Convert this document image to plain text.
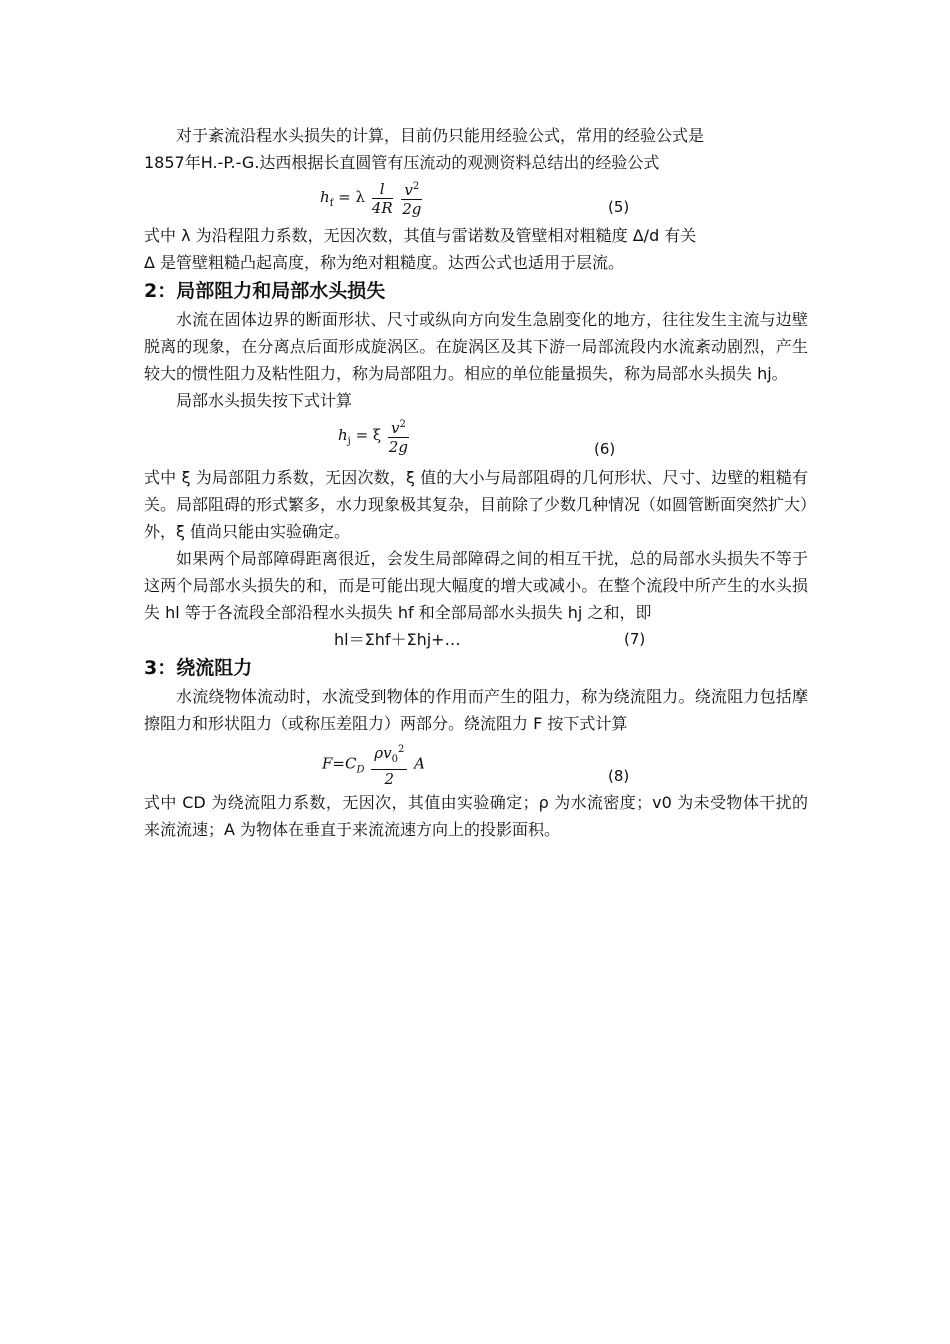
对于紊流沿程水头损失的计算，目前仍只能用经验公式，常用的经验公式是

1857年H.-P.-G.达西根据长直圆管有压流动的观测资料总结出的经验公式

$h_f = \lambda \frac{l}{4R}$
$\frac{v^2}{2g}$	(5)

式中 λ 为沿程阻力系数，无因次数，其值与雷诺数及管壁相对粗糙度 Δ/d 有关

Δ 是管壁粗糙凸起高度，称为绝对粗糙度。达西公式也适用于层流。

2：局部阻力和局部水头损失

水流在固体边界的断面形状、尺寸或纵向方向发生急剧变化的地方，往往发生主流与边壁脱离的现象，在分离点后面形成旋涡区。在旋涡区及其下游一局部流段内水流紊动剧烈，产生较大的惯性阻力及粘性阻力，称为局部阻力。相应的单位能量损失，称为局部水头损失 hj。

局部水头损失按下式计算

$h_j = \xi \frac{v^2}{2g}$	(6)

式中 ξ 为局部阻力系数，无因次数，ξ 值的大小与局部阻碍的几何形状、尺寸、边壁的粗糙有关。局部阻碍的形式繁多，水力现象极其复杂，目前除了少数几种情况（如圆管断面突然扩大）外，ξ 值尚只能由实验确定。

如果两个局部障碍距离很近，会发生局部障碍之间的相互干扰，总的局部水头损失不等于这两个局部水头损失的和，而是可能出现大幅度的增大或减小。在整个流段中所产生的水头损失 hl 等于各流段全部沿程水头损失 hf 和全部局部水头损失 hj 之和，即

hl＝Σhf＋Σhj+…	(7)
3：绕流阻力

水流绕物体流动时，水流受到物体的作用而产生的阻力，称为绕流阻力。绕流阻力包括摩擦阻力和形状阻力（或称压差阻力）两部分。绕流阻力 F 按下式计算

$F=C_D \frac{\rho v_0^2}{2}$ A
(8)

式中 CD 为绕流阻力系数，无因次，其值由实验确定；ρ 为水流密度；v0 为未受物体干扰的来流流速；A 为物体在垂直于来流流速方向上的投影面积。
